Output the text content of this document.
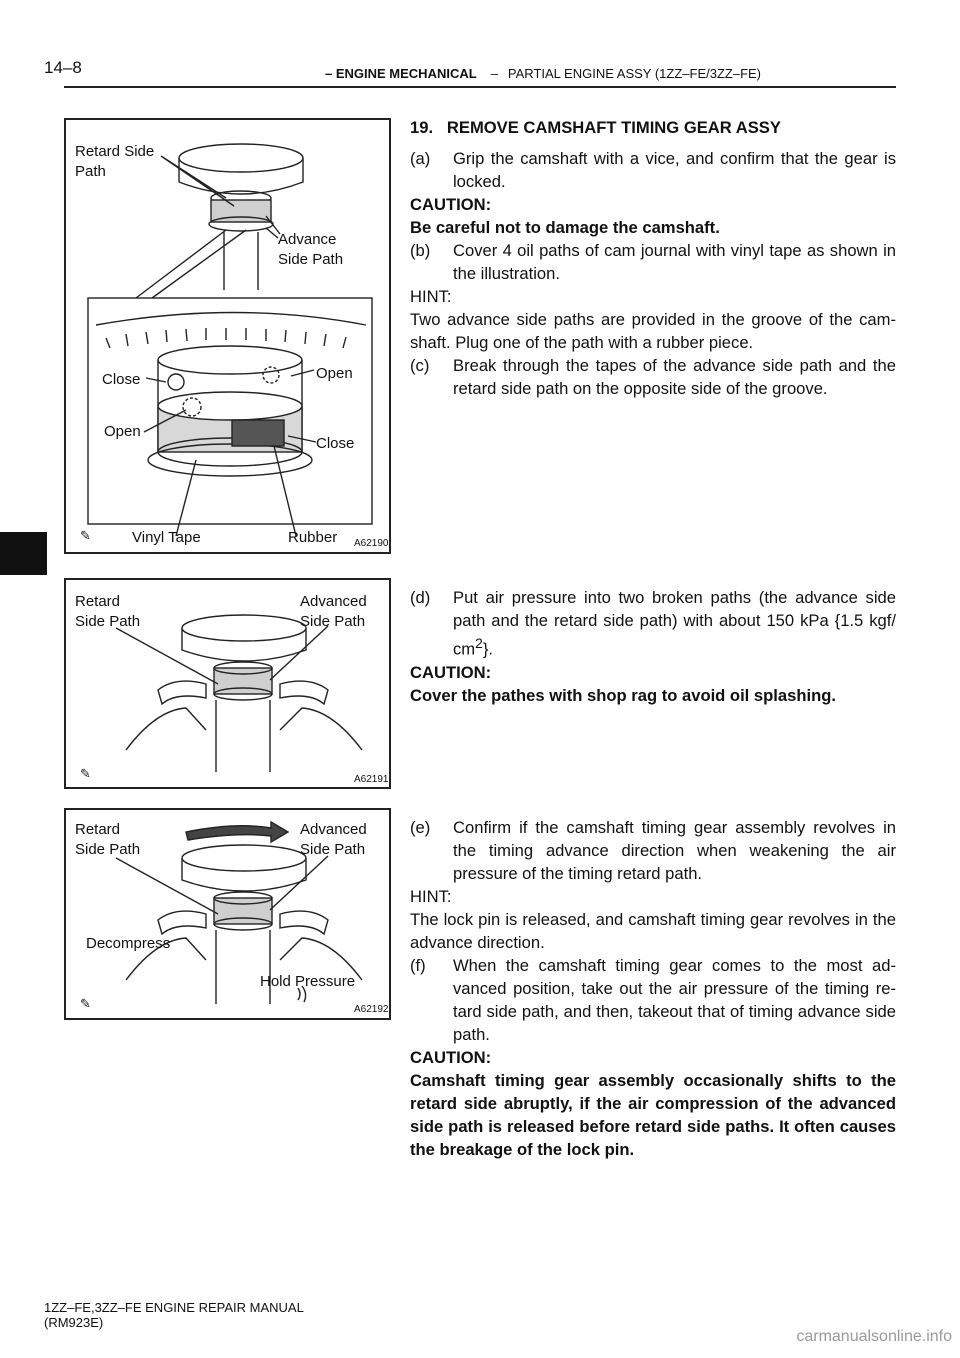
14–8	– ENGINE MECHANICAL – PARTIAL ENGINE ASSY (1ZZ–FE/3ZZ–FE)
Retard Side
Path
Advance
Side Path
Close	Open
Open
Close
Vinyl Tape	Rubber
✎
A62190
Retard
Side Path
Advanced
Side Path
✎	A62191
Retard
Side Path
Advanced
Side Path
Decompress
Hold Pressure
✎	A62192

19.   REMOVE CAMSHAFT TIMING GEAR ASSY

(a) Grip the camshaft with a vice, and confirm that the gear is locked.

CAUTION:

Be careful not to damage the camshaft.

(b) Cover 4 oil paths of cam journal with vinyl tape as shown in the illustration.

HINT:

Two advance side paths are provided in the groove of the cam-shaft. Plug one of the path with a rubber piece.

(c) Break through the tapes of the advance side path and the retard side path on the opposite side of the groove.

(d) Put air pressure into two broken paths (the advance side path and the retard side path) with about 150 kPa {1.5 kgf/ $cm^2$}.

CAUTION:

Cover the pathes with shop rag to avoid oil splashing.

(e) Confirm if the camshaft timing gear assembly revolves in the timing advance direction when weakening the air pressure of the timing retard path.

HINT:

The lock pin is released, and camshaft timing gear revolves in the advance direction.

(f) When the camshaft timing gear comes to the most ad-vanced position, take out the air pressure of the timing re-tard side path, and then, takeout that of timing advance side path.

CAUTION:

Camshaft timing gear assembly occasionally shifts to the retard side abruptly, if the air compression of the advanced side path is released before retard side paths. It often causes the breakage of the lock pin.

1ZZ–FE,3ZZ–FE ENGINE REPAIR MANUAL
(RM923E)
carmanualsonline.info
